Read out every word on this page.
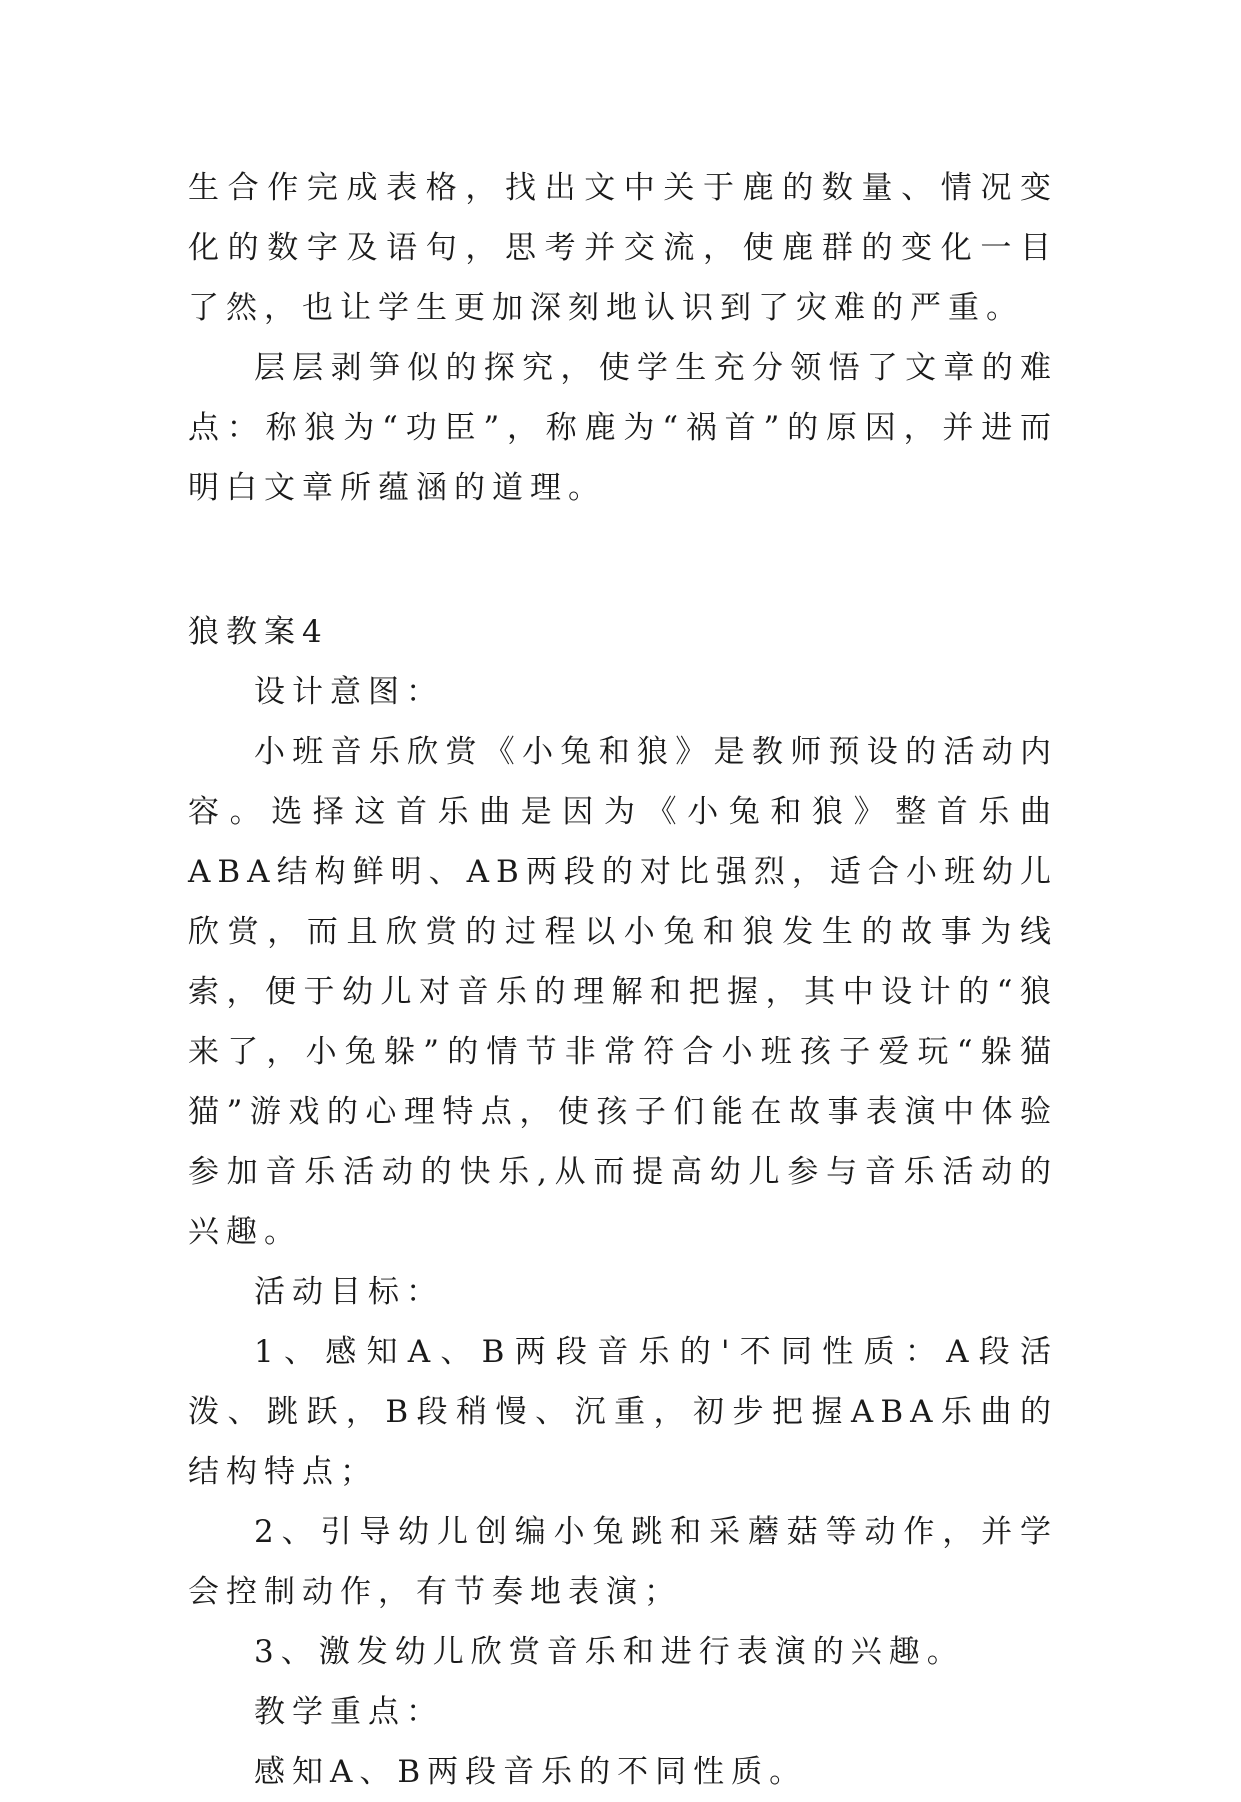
生合作完成表格，找出文中关于鹿的数量、情况变化的数字及语句，思考并交流，使鹿群的变化一目了然，也让学生更加深刻地认识到了灾难的严重。

层层剥笋似的探究，使学生充分领悟了文章的难点：称狼为“功臣”，称鹿为“祸首”的原因，并进而明白文章所蕴涵的道理。

狼教案4

设计意图：

小班音乐欣赏《小兔和狼》是教师预设的活动内容。选择这首乐曲是因为《小兔和狼》整首乐曲ABA结构鲜明、AB两段的对比强烈，适合小班幼儿欣赏，而且欣赏的过程以小兔和狼发生的故事为线索，便于幼儿对音乐的理解和把握，其中设计的“狼来了，小兔躲”的情节非常符合小班孩子爱玩“躲猫猫”游戏的心理特点，使孩子们能在故事表演中体验参加音乐活动的快乐,从而提高幼儿参与音乐活动的兴趣。

活动目标：

1、感知A、B两段音乐的'不同性质：A段活泼、跳跃，B段稍慢、沉重，初步把握ABA乐曲的结构特点；

2、引导幼儿创编小兔跳和采蘑菇等动作，并学会控制动作，有节奏地表演；

3、激发幼儿欣赏音乐和进行表演的兴趣。

教学重点：

感知A、B两段音乐的不同性质。
